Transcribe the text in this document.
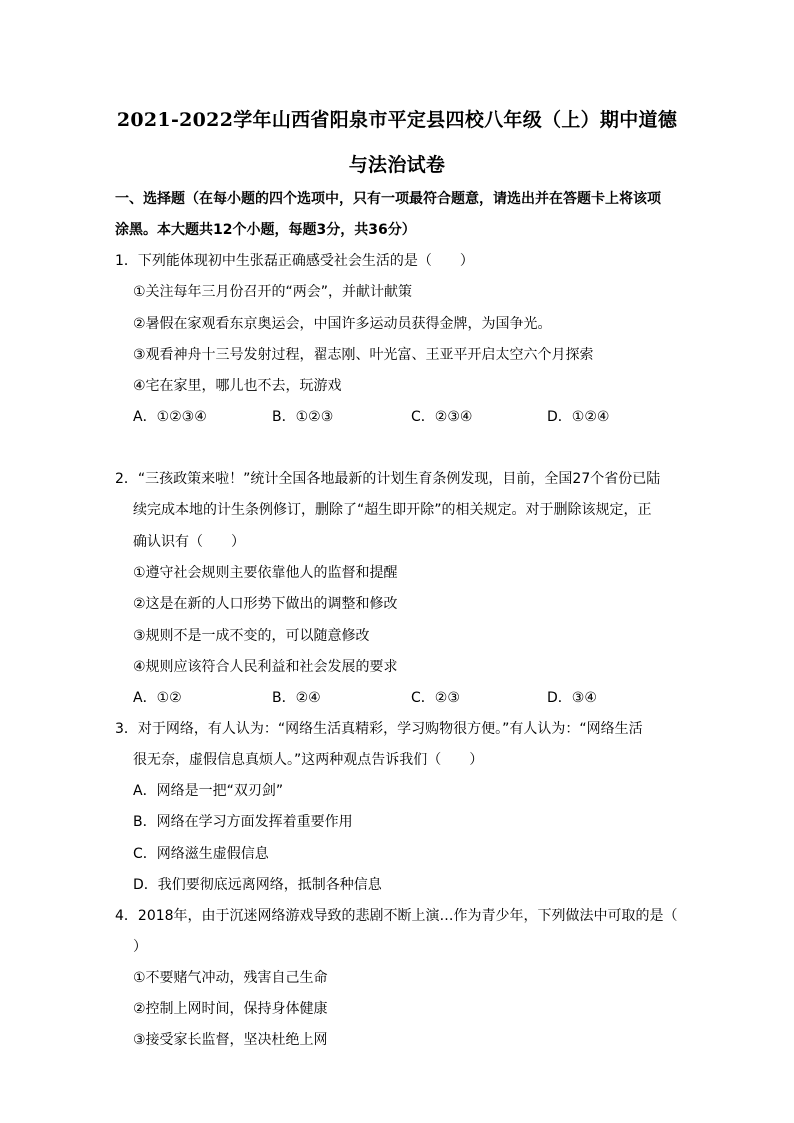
2021-2022学年山西省阳泉市平定县四校八年级（上）期中道德
与法治试卷
一、选择题（在每小题的四个选项中，只有一项最符合题意，请选出并在答题卡上将该项
涂黑。本大题共12个小题，每题3分，共36分）
1．下列能体现初中生张磊正确感受社会生活的是（　　）
①关注每年三月份召开的“两会”，并献计献策
②暑假在家观看东京奥运会，中国许多运动员获得金牌，为国争光。
③观看神舟十三号发射过程，翟志刚、叶光富、王亚平开启太空六个月探索
④宅在家里，哪儿也不去，玩游戏
A．①②③④	B．①②③	C．②③④	D．①②④
2．“三孩政策来啦！”统计全国各地最新的计划生育条例发现，目前，全国27个省份已陆
续完成本地的计生条例修订，删除了“超生即开除”的相关规定。对于删除该规定，正
确认识有（　　）
①遵守社会规则主要依靠他人的监督和提醒
②这是在新的人口形势下做出的调整和修改
③规则不是一成不变的，可以随意修改
④规则应该符合人民利益和社会发展的要求
A．①②	B．②④	C．②③	D．③④
3．对于网络，有人认为：“网络生活真精彩，学习购物很方便。”有人认为：“网络生活
很无奈，虚假信息真烦人。”这两种观点告诉我们（　　）
A．网络是一把“双刃剑”
B．网络在学习方面发挥着重要作用
C．网络滋生虚假信息
D．我们要彻底远离网络，抵制各种信息
4．2018年，由于沉迷网络游戏导致的悲剧不断上演…作为青少年，下列做法中可取的是（
）
①不要赌气冲动，残害自己生命
②控制上网时间，保持身体健康
③接受家长监督，坚决杜绝上网
